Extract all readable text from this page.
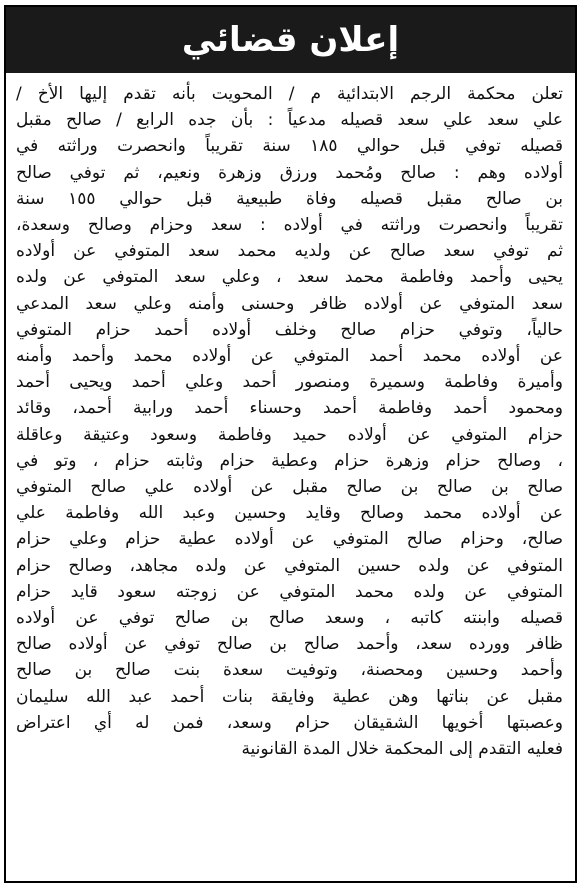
إعلان قضائي
تعلن محكمة الرجم الابتدائية م / المحويت بأنه تقدم إليها الأخ /
علي سعد علي سعد قصيله مدعياً : بأن جده الرابع / صالح مقبل
قصيله توفي قبل حوالي ١٨٥ سنة تقريباً وانحصرت وراثته في
أولاده وهم : صالح ومُحمد ورزق وزهرة ونعيم، ثم توفي صالح
بن صالح مقبل قصيله وفاة طبيعية قبل حوالي ١٥٥ سنة
تقريباً وانحصرت وراثته في أولاده : سعد وحزام وصالح وسعدة،
ثم توفي سعد صالح عن ولديه محمد سعد المتوفي عن أولاده
يحيى وأحمد وفاطمة محمد سعد ، وعلي سعد المتوفي عن ولده
سعد المتوفي عن أولاده ظافر وحسنى وأمنه وعلي سعد المدعي
حالياً، وتوفي حزام صالح وخلف أولاده أحمد حزام المتوفي
عن أولاده محمد أحمد المتوفي عن أولاده محمد وأحمد وأمنه
وأميرة وفاطمة وسميرة ومنصور أحمد وعلي أحمد ويحيى أحمد
ومحمود أحمد وفاطمة أحمد وحسناء أحمد ورابية أحمد، وقائد
حزام المتوفي عن أولاده حميد وفاطمة وسعود وعتيقة وعاقلة
، وصالح حزام وزهرة حزام وعطية حزام وثابته حزام ، وتو في
صالح بن صالح بن صالح مقبل عن أولاده علي صالح المتوفي
عن أولاده محمد وصالح وقايد وحسين وعبد الله وفاطمة علي
صالح، وحزام صالح المتوفي عن أولاده عطية حزام وعلي حزام
المتوفي عن ولده حسين المتوفي عن ولده مجاهد، وصالح حزام
المتوفي عن ولده محمد المتوفي عن زوجته سعود قايد حزام
قصيله وابنته كاتبه ، وسعد صالح بن صالح توفي عن أولاده
ظافر وورده سعد، وأحمد صالح بن صالح توفي عن أولاده صالح
وأحمد وحسين ومحصنة، وتوفيت سعدة بنت صالح بن صالح
مقبل عن بناتها وهن عطية وفايقة بنات أحمد عبد الله سليمان
وعصبتها أخويها الشقيقان حزام وسعد، فمن له أي اعتراض
فعليه التقدم إلى المحكمة خلال المدة القانونية
